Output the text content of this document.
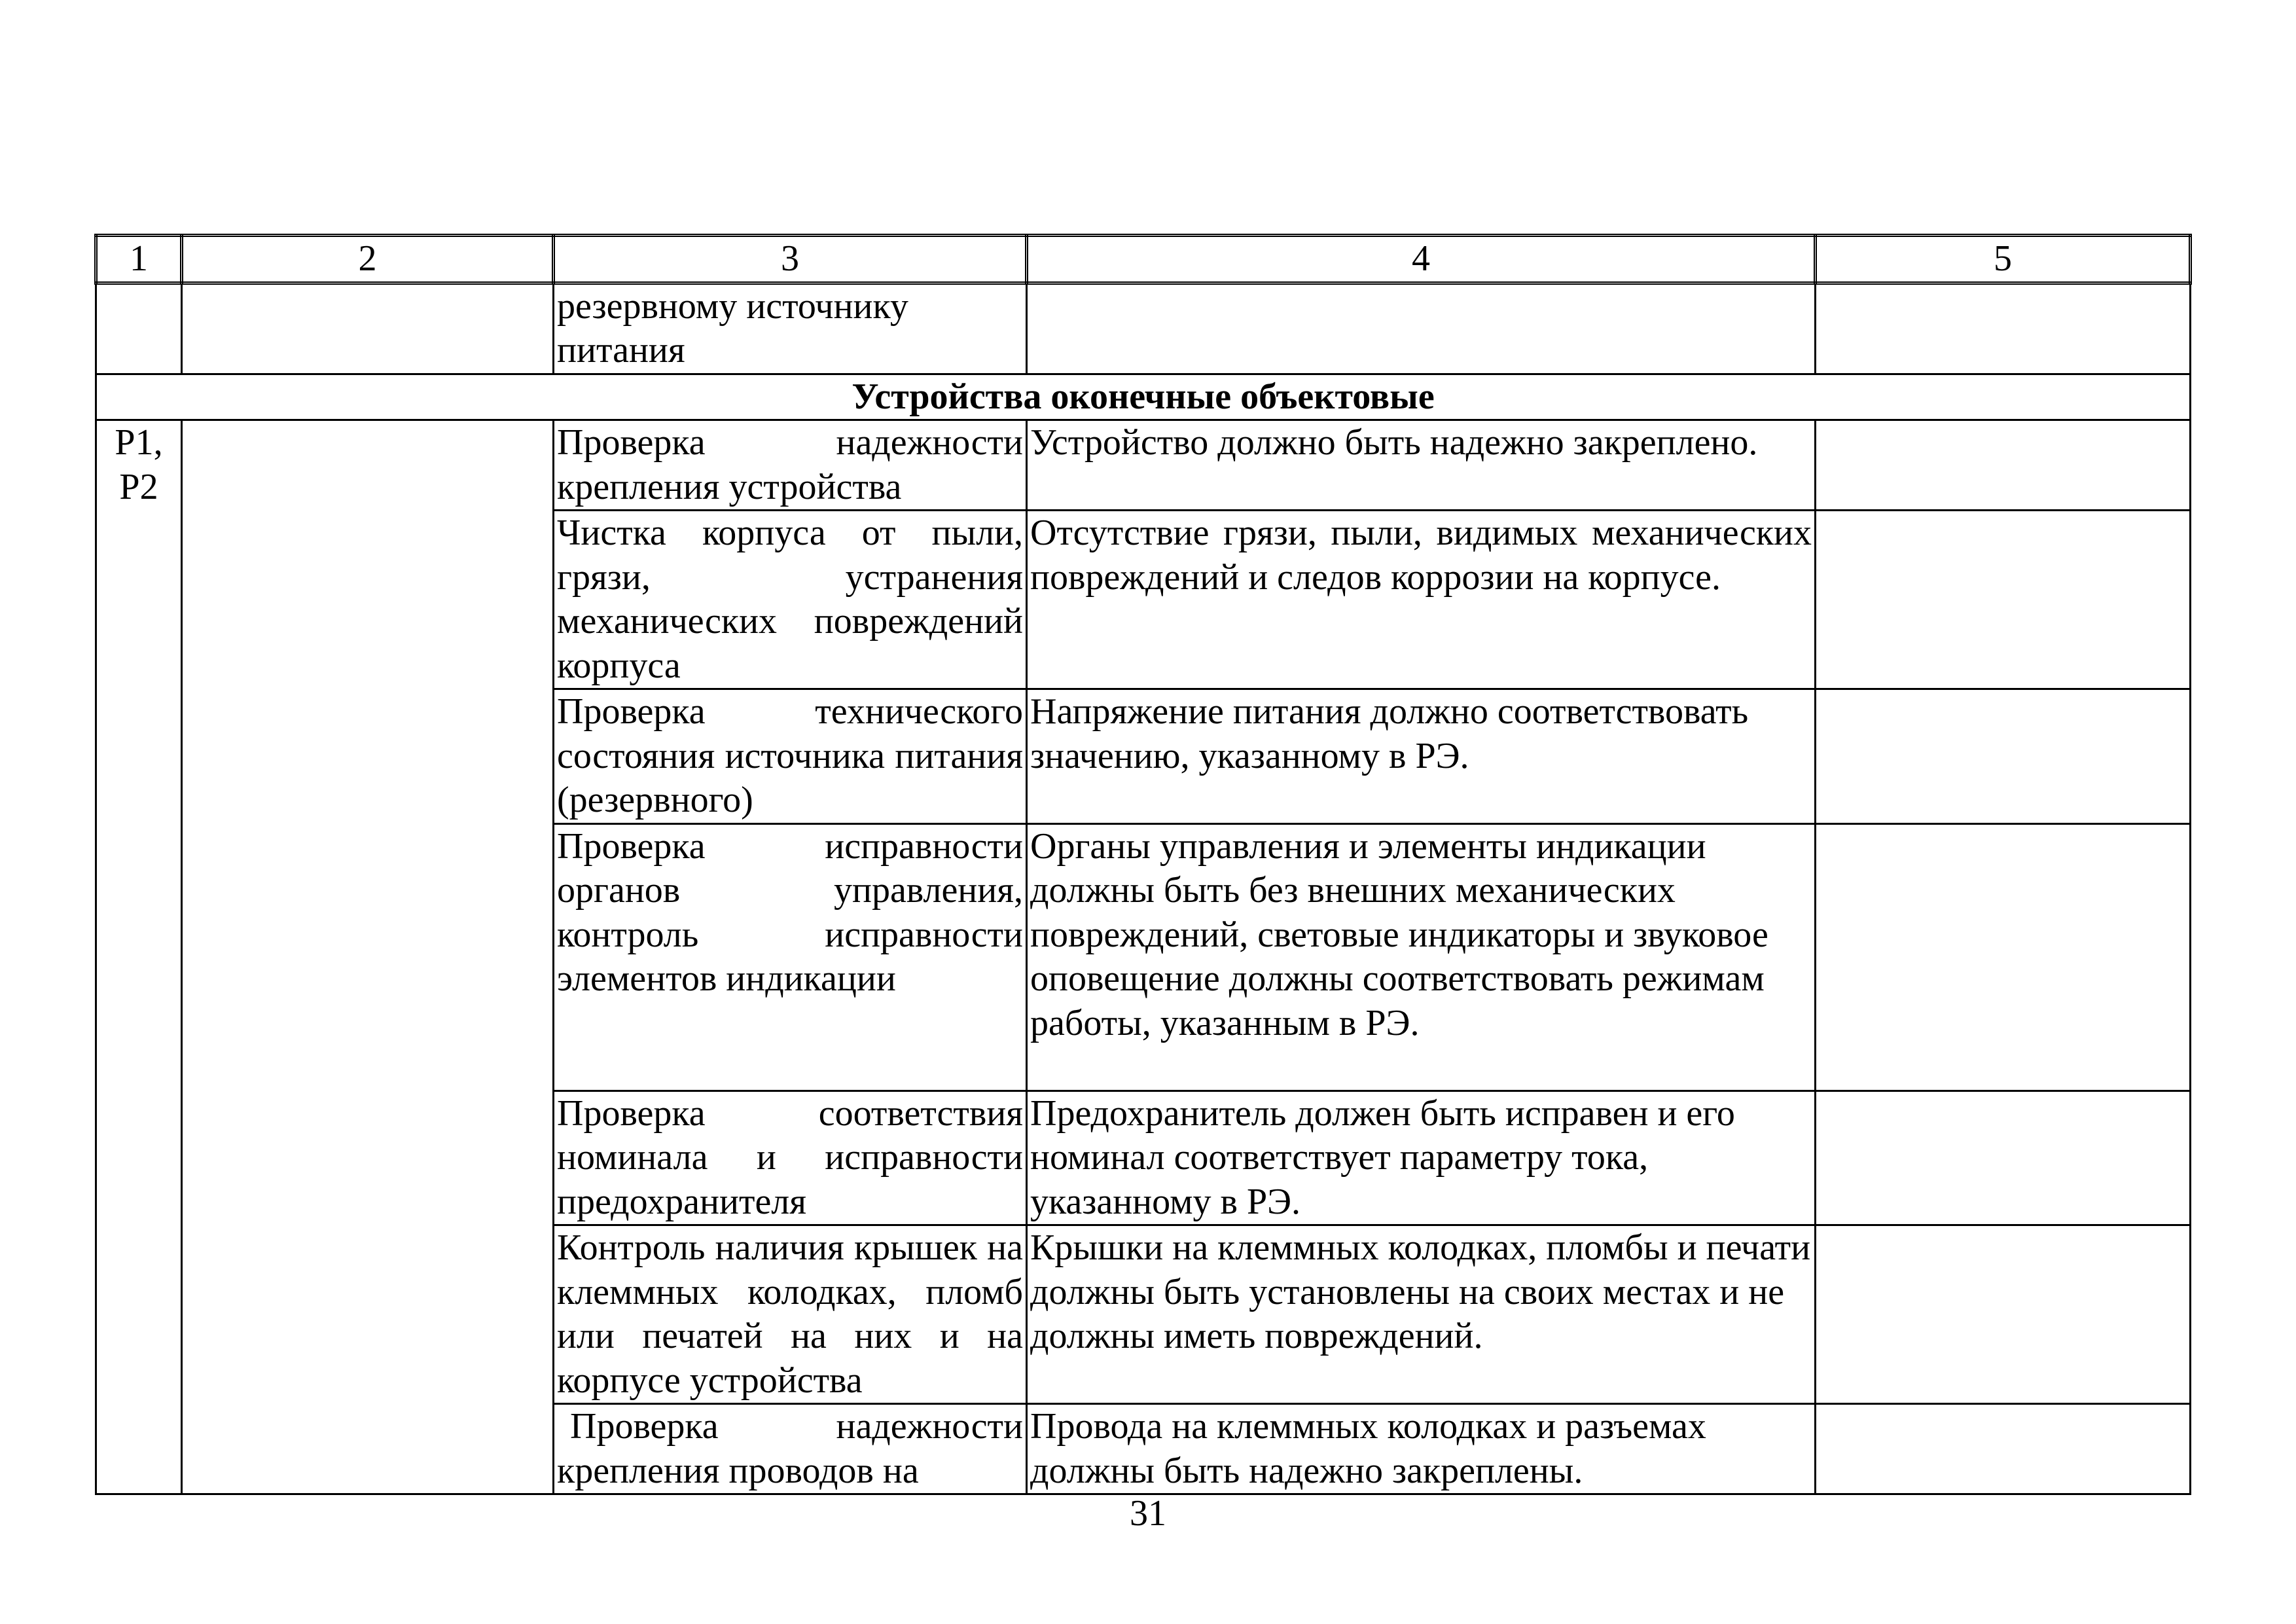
1	2	3	4	5
		резервному источнику питания		
Устройства оконечные объектовые				
Р1, Р2		Проверка надежности крепления устройства	Устройство должно быть надежно закреплено.	
		Чистка корпуса от пыли, грязи, устранения механических повреждений корпуса	Отсутствие грязи, пыли, видимых механических повреждений и следов коррозии на корпусе.	
		Проверка технического состояния источника питания (резервного)	Напряжение питания должно соответствовать значению, указанному в РЭ.	
		Проверка исправности органов управления, контроль исправности элементов индикации	Органы управления и элементы индикации должны быть без внешних механических повреждений, световые индикаторы и звуковое оповещение должны соответствовать режимам работы, указанным в РЭ.	
		Проверка соответствия номинала и исправности предохранителя	Предохранитель должен быть исправен и его номинал соответствует параметру тока, указанному в РЭ.	
		Контроль наличия крышек на клеммных колодках, пломб или печатей на них и на корпусе устройства	Крышки на клеммных колодках, пломбы и печати должны быть установлены на своих местах и не должны иметь повреждений.	
		Проверка надежности крепления проводов на	Провода на клеммных колодках и разъемах должны быть надежно закреплены.	
31
